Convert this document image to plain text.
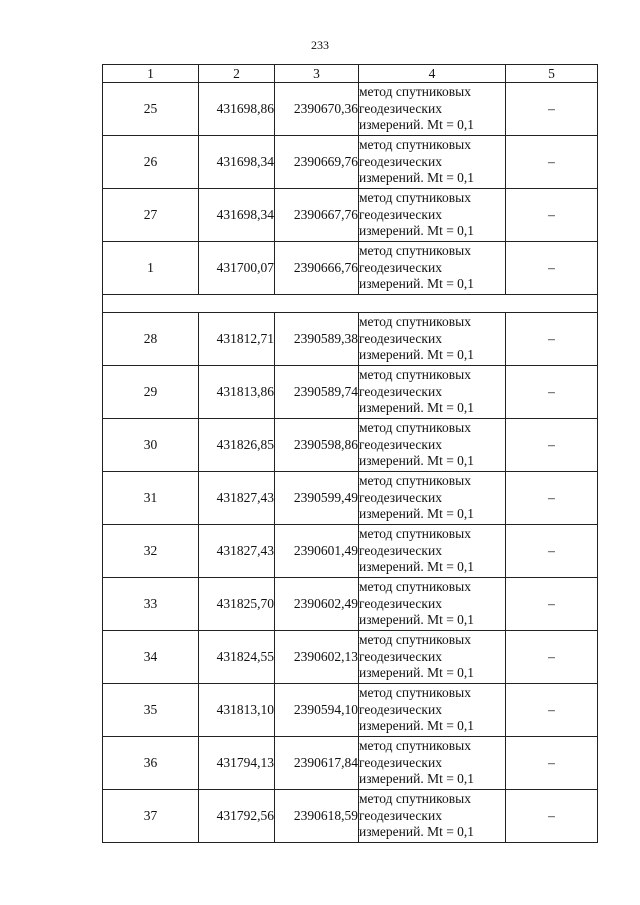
233
1	2	3	4	5
25	431698,86	2390670,36	метод спутниковых
геодезических
измерений. Mt = 0,1	–
26	431698,34	2390669,76	метод спутниковых
геодезических
измерений. Mt = 0,1	–
27	431698,34	2390667,76	метод спутниковых
геодезических
измерений. Mt = 0,1	–
1	431700,07	2390666,76	метод спутниковых
геодезических
измерений. Mt = 0,1	–

28	431812,71	2390589,38	метод спутниковых
геодезических
измерений. Mt = 0,1	–
29	431813,86	2390589,74	метод спутниковых
геодезических
измерений. Mt = 0,1	–
30	431826,85	2390598,86	метод спутниковых
геодезических
измерений. Mt = 0,1	–
31	431827,43	2390599,49	метод спутниковых
геодезических
измерений. Mt = 0,1	–
32	431827,43	2390601,49	метод спутниковых
геодезических
измерений. Mt = 0,1	–
33	431825,70	2390602,49	метод спутниковых
геодезических
измерений. Mt = 0,1	–
34	431824,55	2390602,13	метод спутниковых
геодезических
измерений. Mt = 0,1	–
35	431813,10	2390594,10	метод спутниковых
геодезических
измерений. Mt = 0,1	–
36	431794,13	2390617,84	метод спутниковых
геодезических
измерений. Mt = 0,1	–
37	431792,56	2390618,59	метод спутниковых
геодезических
измерений. Mt = 0,1	–
